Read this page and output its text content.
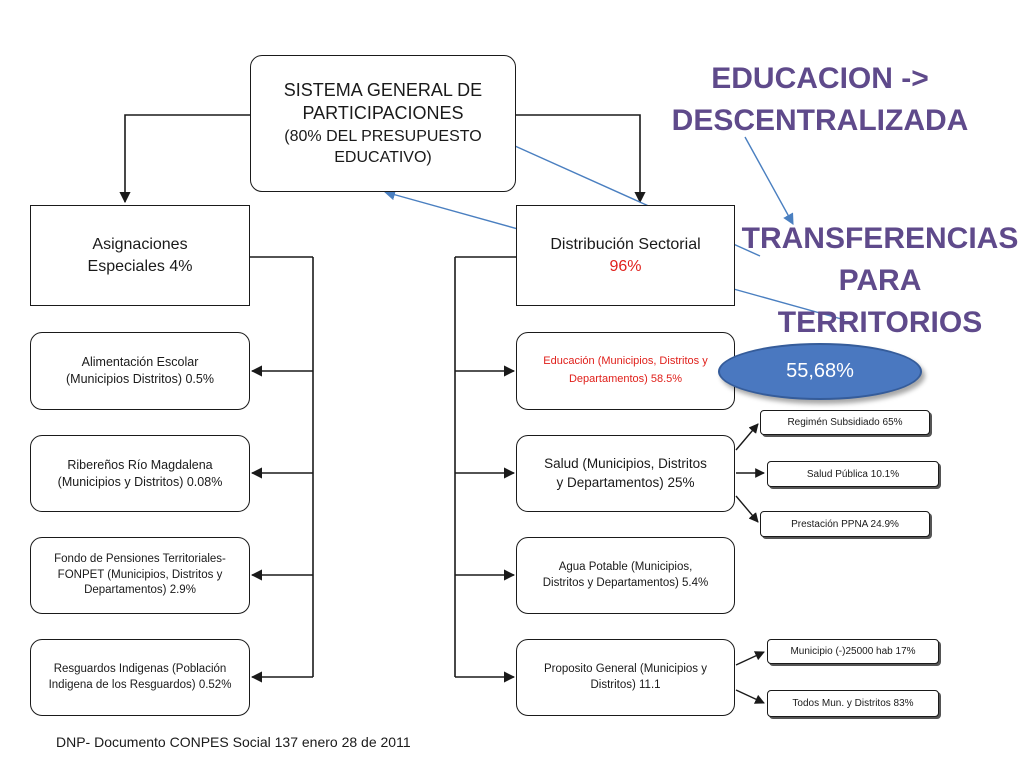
SISTEMA GENERAL DE
PARTICIPACIONES
(80% DEL PRESUPUESTO
EDUCATIVO)
Asignaciones
Especiales 4%
Distribución Sectorial
96%
Alimentación Escolar
(Municipios Distritos) 0.5%
Ribereños Río Magdalena
(Municipios y Distritos) 0.08%
Fondo de Pensiones Territoriales-
FONPET (Municipios, Distritos y
Departamentos) 2.9%
Resguardos Indigenas (Población
Indigena de los Resguardos) 0.52%
Educación (Municipios, Distritos y
Departamentos) 58.5%
Salud (Municipios, Distritos
y Departamentos) 25%
Agua Potable (Municipios,
Distritos y Departamentos) 5.4%
Proposito General (Municipios y
Distritos) 11.1
Regimén Subsidiado 65%
Salud Pública 10.1%
Prestación PPNA 24.9%
Municipio (-)25000 hab 17%
Todos Mun. y Distritos 83%
EDUCACION ->
DESCENTRALIZADA
TRANSFERENCIAS
PARA
TERRITORIOS
55,68%
DNP- Documento CONPES Social 137 enero 28 de 2011
